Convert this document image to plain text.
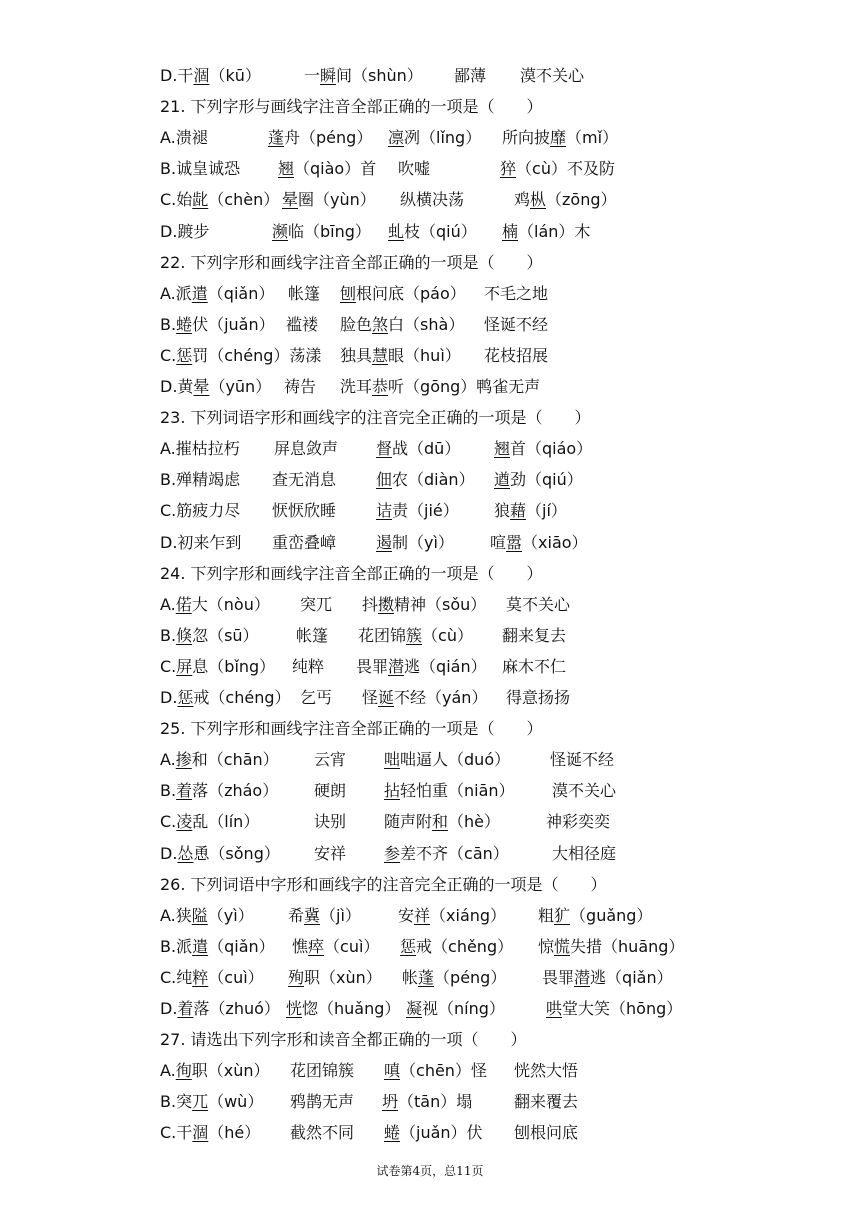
D.干涸（kū）	一瞬间（shùn） 鄙薄 漠不关心
21. 下列字形与画线字注音全部正确的一项是（　　）
A.溃褪	蓬舟（péng） 凛冽（lǐng） 所向披靡（mǐ）
B.诚皇诚恐 翘（qiào）首 吹嘘	猝（cù）不及防
C.始龀（chèn） 晕圈（yùn） 纵横决荡	鸡枞（zōng）
D.踱步	濒临（bīng） 虬枝（qiú） 楠（lán）木
22. 下列字形和画线字注音全部正确的一项是（　　）
A.派遣（qiǎn） 帐篷 刨根问底（páo） 不毛之地
B.蜷伏（juǎn） 褴褛 脸色煞白（shà） 怪诞不经
C.惩罚（chéng）荡漾 独具慧眼（huì） 花枝招展
D.黄晕（yūn） 祷告 洗耳恭听（gōng）鸭雀无声
23. 下列词语字形和画线字的注音完全正确的一项是（　　）
A.摧枯拉朽 屏息敛声 督战（dū） 翘首（qiáo）
B.殚精竭虑 查无消息 佃农（diàn） 遒劲（qiú）
C.筋疲力尽 恹恹欣睡 诘责（jié） 狼藉（jí）
D.初来乍到 重峦叠嶂 遏制（yì） 喧嚣（xiāo）
24. 下列字形和画线字注音全部正确的一项是（　　）
A.偌大（nòu） 突兀 抖擞精神（sǒu） 莫不关心
B.倏忽（sū） 帐篷 花团锦簇（cù） 翻来复去
C.屏息（bǐng） 纯粹 畏罪潜逃（qián） 麻木不仁
D.惩戒（chéng） 乞丐 怪诞不经（yán） 得意扬扬
25. 下列字形和画线字注音全部正确的一项是（　　）
A.掺和（chān） 云宵 咄咄逼人（duó） 怪诞不经
B.着落（zháo） 硬朗 拈轻怕重（niān） 漠不关心
C.凌乱（lín）	诀别 随声附和（hè）	神彩奕奕
D.怂恿（sǒng） 安祥 参差不齐（cān）	大相径庭
26. 下列词语中字形和画线字的注音完全正确的一项是（　　）
A.狭隘（yì） 希冀（jì） 安祥（xiáng） 粗犷（guǎng）
B.派遣（qiǎn） 憔瘁（cuì） 惩戒（chěng） 惊慌失措（huāng）
C.纯粹（cuì） 殉职（xùn） 帐蓬（péng） 畏罪潜逃（qiǎn）
D.着落（zhuó） 恍惚（huǎng） 凝视（níng）	哄堂大笑（hōng）
27. 请选出下列字形和读音全都正确的一项（　　）
A.徇职（xùn） 花团锦簇 嗔（chēn）怪 恍然大悟
B.突兀（wù） 鸦鹊无声 坍（tān）塌	翻来覆去
C.干涸（hé） 截然不同 蜷（juǎn）伏 刨根问底
试卷第4页，总11页
